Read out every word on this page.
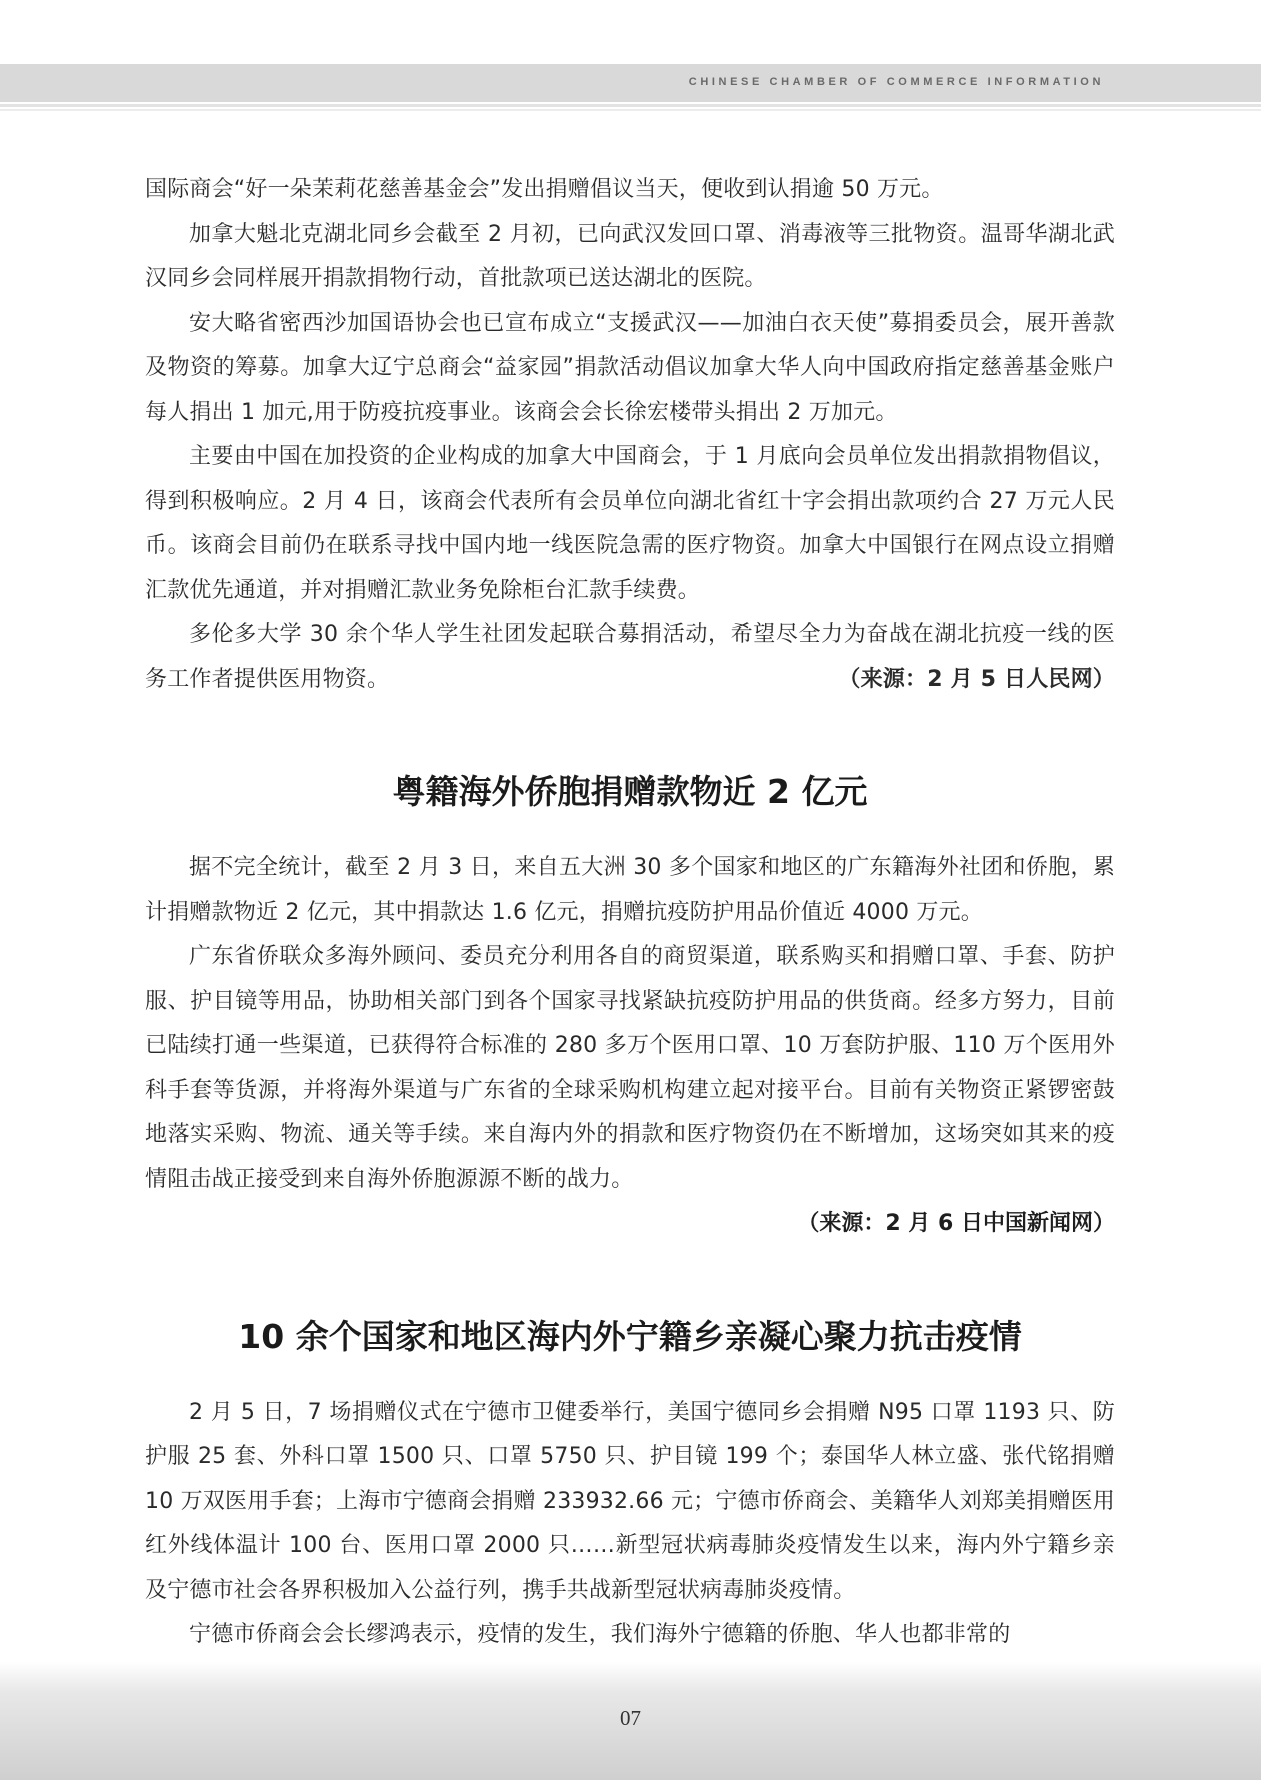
CHINESE CHAMBER OF COMMERCE INFORMATION

国际商会“好一朵茉莉花慈善基金会”发出捐赠倡议当天，便收到认捐逾 50 万元。

加拿大魁北克湖北同乡会截至 2 月初，已向武汉发回口罩、消毒液等三批物资。温哥华湖北武汉同乡会同样展开捐款捐物行动，首批款项已送达湖北的医院。

安大略省密西沙加国语协会也已宣布成立“支援武汉——加油白衣天使”募捐委员会，展开善款及物资的筹募。加拿大辽宁总商会“益家园”捐款活动倡议加拿大华人向中国政府指定慈善基金账户每人捐出 1 加元,用于防疫抗疫事业。该商会会长徐宏楼带头捐出 2 万加元。

主要由中国在加投资的企业构成的加拿大中国商会，于 1 月底向会员单位发出捐款捐物倡议，得到积极响应。2 月 4 日，该商会代表所有会员单位向湖北省红十字会捐出款项约合 27 万元人民币。该商会目前仍在联系寻找中国内地一线医院急需的医疗物资。加拿大中国银行在网点设立捐赠汇款优先通道，并对捐赠汇款业务免除柜台汇款手续费。

多伦多大学 30 余个华人学生社团发起联合募捐活动，希望尽全力为奋战在湖北抗疫一线的医务工作者提供医用物资。	（来源：2 月 5 日人民网）

粤籍海外侨胞捐赠款物近 2 亿元

据不完全统计，截至 2 月 3 日，来自五大洲 30 多个国家和地区的广东籍海外社团和侨胞，累计捐赠款物近 2 亿元，其中捐款达 1.6 亿元，捐赠抗疫防护用品价值近 4000 万元。

广东省侨联众多海外顾问、委员充分利用各自的商贸渠道，联系购买和捐赠口罩、手套、防护服、护目镜等用品，协助相关部门到各个国家寻找紧缺抗疫防护用品的供货商。经多方努力，目前已陆续打通一些渠道，已获得符合标准的 280 多万个医用口罩、10 万套防护服、110 万个医用外科手套等货源，并将海外渠道与广东省的全球采购机构建立起对接平台。目前有关物资正紧锣密鼓地落实采购、物流、通关等手续。来自海内外的捐款和医疗物资仍在不断增加，这场突如其来的疫情阻击战正接受到来自海外侨胞源源不断的战力。

（来源：2 月 6 日中国新闻网）

10 余个国家和地区海内外宁籍乡亲凝心聚力抗击疫情

2 月 5 日，7 场捐赠仪式在宁德市卫健委举行，美国宁德同乡会捐赠 N95 口罩 1193 只、防护服 25 套、外科口罩 1500 只、口罩 5750 只、护目镜 199 个；泰国华人林立盛、张代铭捐赠 10 万双医用手套；上海市宁德商会捐赠 233932.66 元；宁德市侨商会、美籍华人刘郑美捐赠医用红外线体温计 100 台、医用口罩 2000 只……新型冠状病毒肺炎疫情发生以来，海内外宁籍乡亲及宁德市社会各界积极加入公益行列，携手共战新型冠状病毒肺炎疫情。

宁德市侨商会会长缪鸿表示，疫情的发生，我们海外宁德籍的侨胞、华人也都非常的

07
